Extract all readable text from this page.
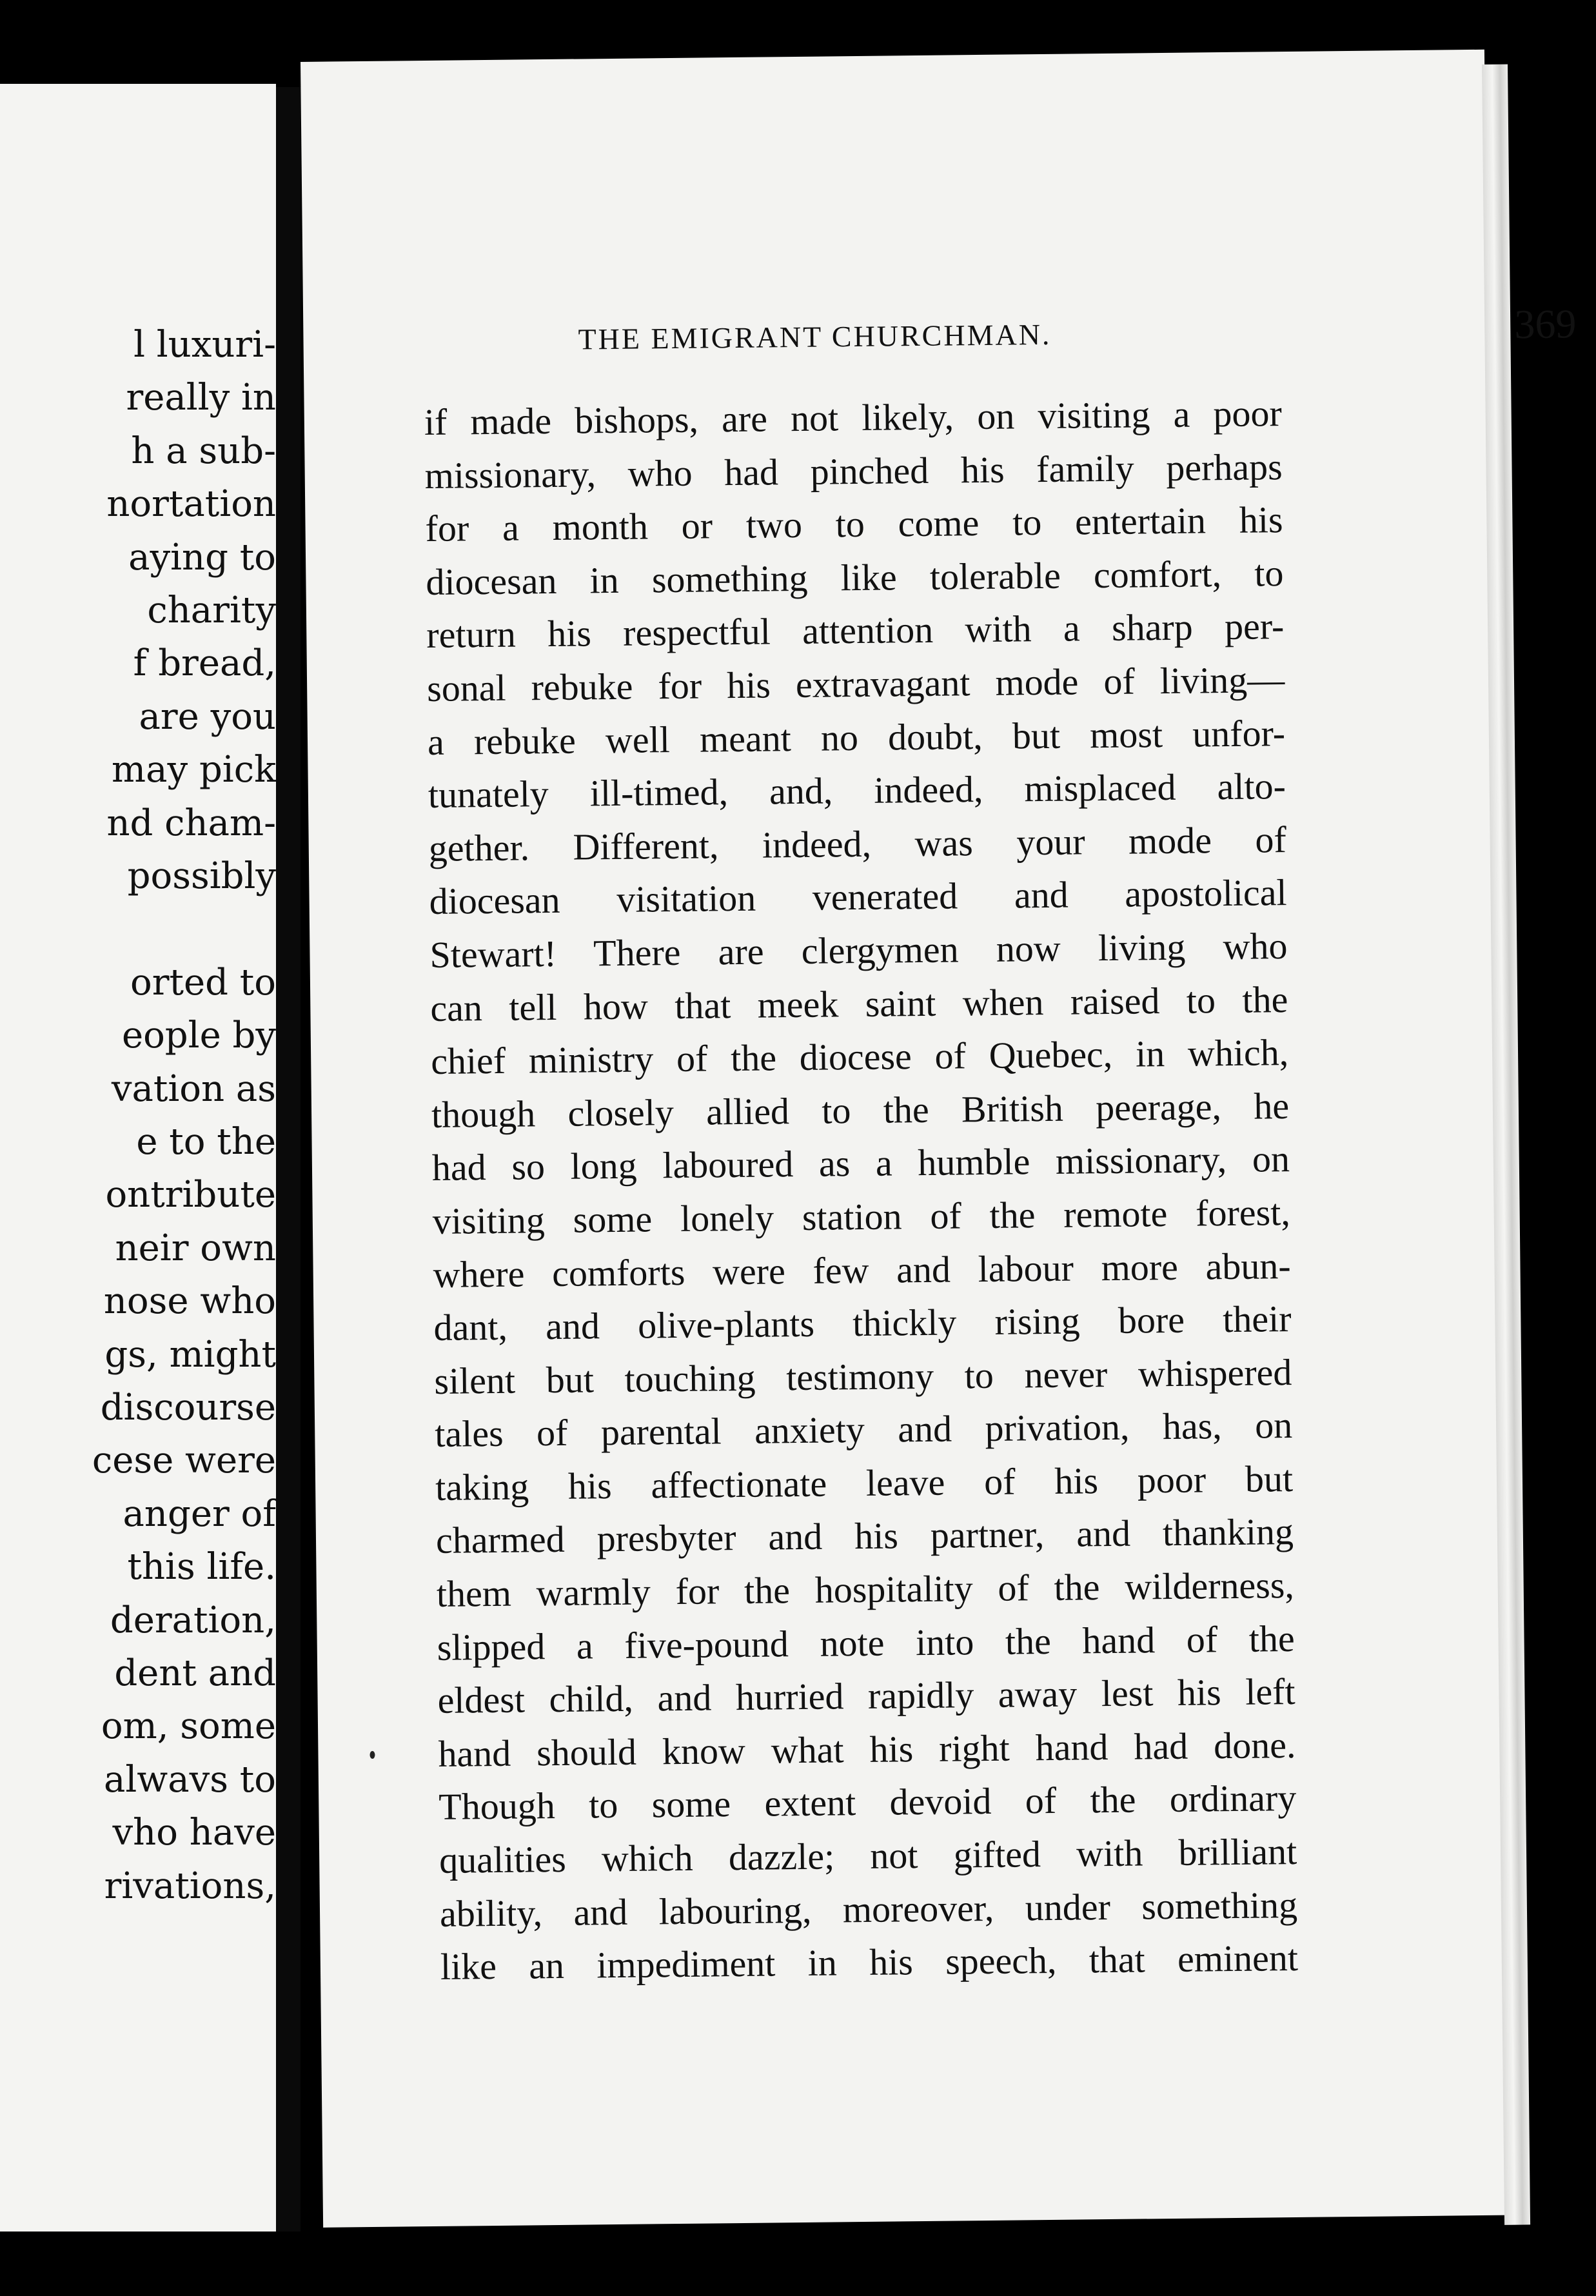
l luxuri-
really in
h a sub-
nortation
aying to
charity
f bread,
are you
may pick
nd cham-
possibly
orted to
eople by
vation as
e to the
ontribute
neir own
nose who
gs, might
discourse
cese were
anger of
this life.
deration,
dent and
om, some
alwavs to
vho have
rivations,
THE EMIGRANT CHURCHMAN.	369
if made bishops, are not likely, on visiting a poor
missionary, who had pinched his family perhaps
for a month or two to come to entertain his
diocesan in something like tolerable comfort, to
return his respectful attention with a sharp per-
sonal rebuke for his extravagant mode of living—
a rebuke well meant no doubt, but most unfor-
tunately ill-timed, and, indeed, misplaced alto-
gether. Different, indeed, was your mode of
diocesan visitation venerated and apostolical
Stewart! There are clergymen now living who
can tell how that meek saint when raised to the
chief ministry of the diocese of Quebec, in which,
though closely allied to the British peerage, he
had so long laboured as a humble missionary, on
visiting some lonely station of the remote forest,
where comforts were few and labour more abun-
dant, and olive-plants thickly rising bore their
silent but touching testimony to never whispered
tales of parental anxiety and privation, has, on
taking his affectionate leave of his poor but
charmed presbyter and his partner, and thanking
them warmly for the hospitality of the wilderness,
slipped a five-pound note into the hand of the
eldest child, and hurried rapidly away lest his left
hand should know what his right hand had done.
Though to some extent devoid of the ordinary
qualities which dazzle; not gifted with brilliant
ability, and labouring, moreover, under something
like an impediment in his speech, that eminent
